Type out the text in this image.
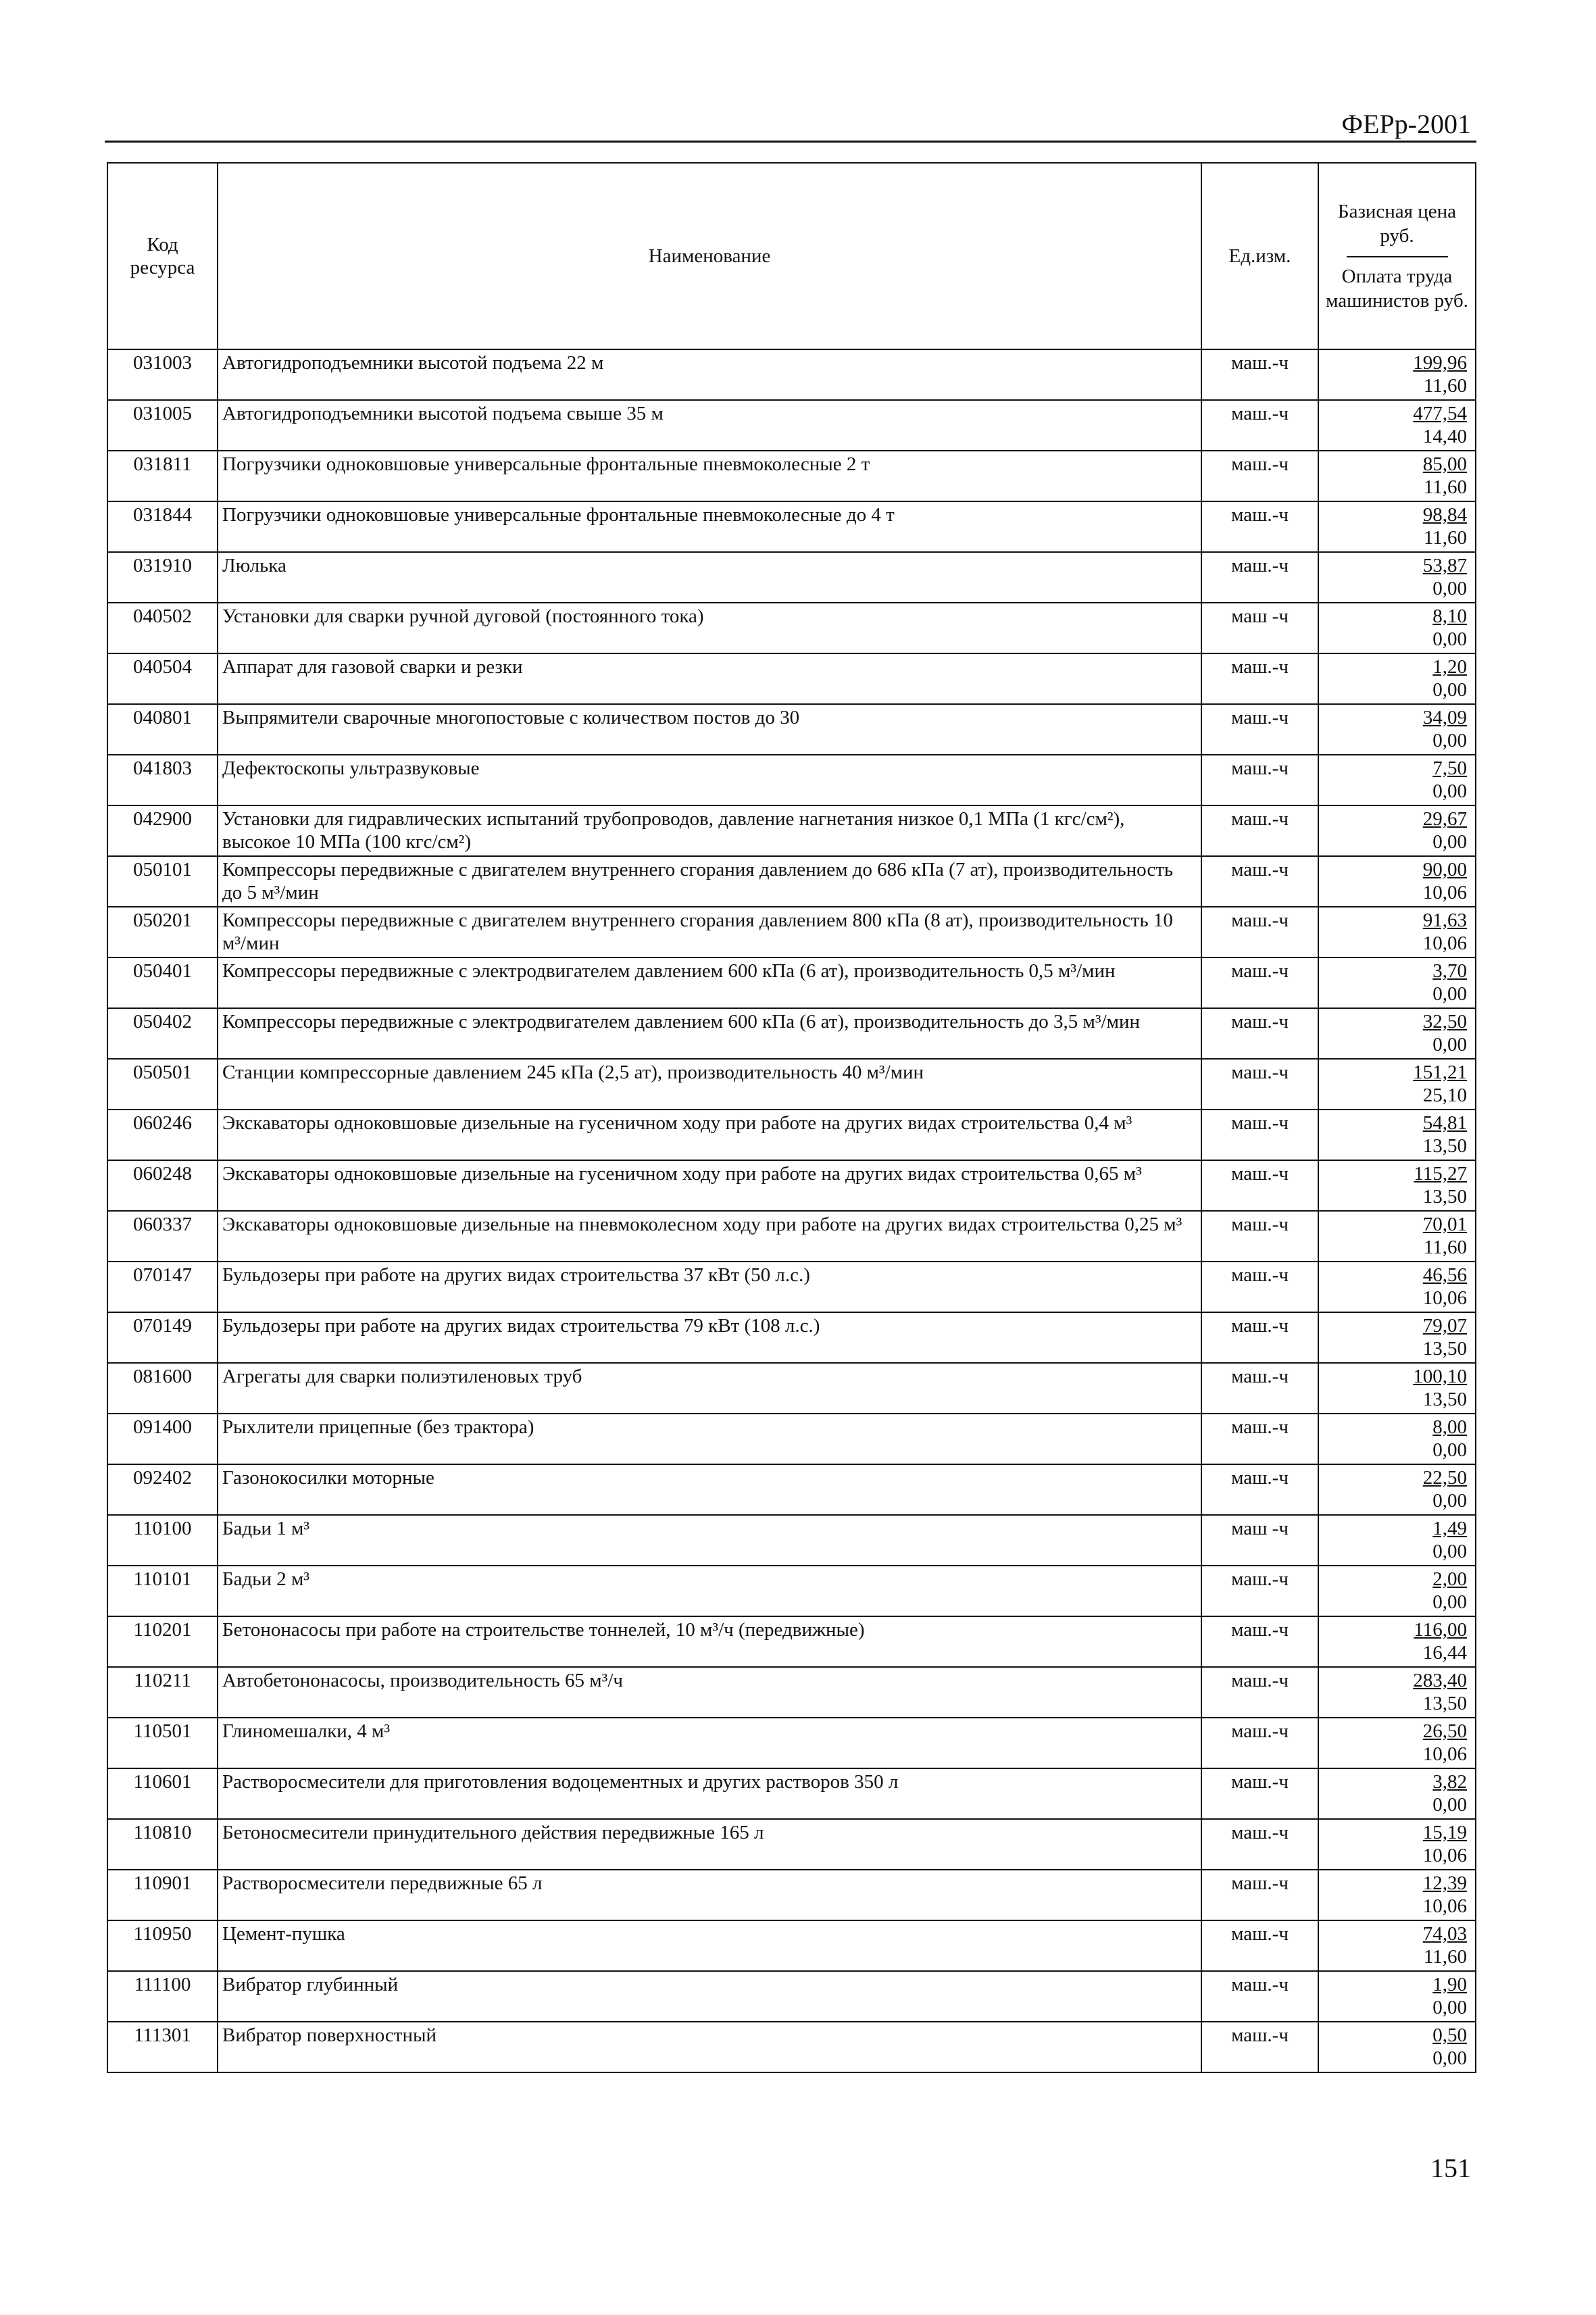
ФЕРр-2001
Код ресурса	Наименование	Ед.изм.	Базисная цена руб.
Оплата труда машинистов руб.

031003	Автогидроподъемники высотой подъема 22 м	маш.-ч	199,96
11,60

031005	Автогидроподъемники высотой подъема свыше 35 м	маш.-ч	477,54
14,40

031811	Погрузчики одноковшовые универсальные фронтальные пневмоколесные 2 т	маш.-ч	85,00
11,60

031844	Погрузчики одноковшовые универсальные фронтальные пневмоколесные до 4 т	маш.-ч	98,84
11,60

031910	Люлька	маш.-ч	53,87
0,00

040502	Установки для сварки ручной дуговой (постоянного тока)	маш -ч	8,10
0,00

040504	Аппарат для газовой сварки и резки	маш.-ч	1,20
0,00

040801	Выпрямители сварочные многопостовые с количеством постов до 30	маш.-ч	34,09
0,00

041803	Дефектоскопы ультразвуковые	маш.-ч	7,50
0,00

042900	Установки для гидравлических испытаний трубопроводов, давление нагнетания низкое 0,1 МПа (1 кгс/см²), высокое 10 МПа (100 кгс/см²)	маш.-ч	29,67
0,00

050101	Компрессоры передвижные с двигателем внутреннего сгорания давлением до 686 кПа (7 ат), производительность до 5 м³/мин	маш.-ч	90,00
10,06

050201	Компрессоры передвижные с двигателем внутреннего сгорания давлением 800 кПа (8 ат), производительность 10 м³/мин	маш.-ч	91,63
10,06

050401	Компрессоры передвижные с электродвигателем давлением 600 кПа (6 ат), производительность 0,5 м³/мин	маш.-ч	3,70
0,00

050402	Компрессоры передвижные с электродвигателем давлением 600 кПа (6 ат), производительность до 3,5 м³/мин	маш.-ч	32,50
0,00

050501	Станции компрессорные давлением 245 кПа (2,5 ат), производительность 40 м³/мин	маш.-ч	151,21
25,10

060246	Экскаваторы одноковшовые дизельные на гусеничном ходу при работе на других видах строительства 0,4 м³	маш.-ч	54,81
13,50

060248	Экскаваторы одноковшовые дизельные на гусеничном ходу при работе на других видах строительства 0,65 м³	маш.-ч	115,27
13,50

060337	Экскаваторы одноковшовые дизельные на пневмоколесном ходу при работе на других видах строительства 0,25 м³	маш.-ч	70,01
11,60

070147	Бульдозеры при работе на других видах строительства 37 кВт (50 л.с.)	маш.-ч	46,56
10,06

070149	Бульдозеры при работе на других видах строительства 79 кВт (108 л.с.)	маш.-ч	79,07
13,50

081600	Агрегаты для сварки полиэтиленовых труб	маш.-ч	100,10
13,50

091400	Рыхлители прицепные (без трактора)	маш.-ч	8,00
0,00

092402	Газонокосилки моторные	маш.-ч	22,50
0,00

110100	Бадьи 1 м³	маш -ч	1,49
0,00

110101	Бадьи 2 м³	маш.-ч	2,00
0,00

110201	Бетононасосы при работе на строительстве тоннелей, 10 м³/ч (передвижные)	маш.-ч	116,00
16,44

110211	Автобетононасосы, производительность 65 м³/ч	маш.-ч	283,40
13,50

110501	Глиномешалки, 4 м³	маш.-ч	26,50
10,06

110601	Растворосмесители для приготовления водоцементных и других растворов 350 л	маш.-ч	3,82
0,00

110810	Бетоносмесители принудительного действия передвижные 165 л	маш.-ч	15,19
10,06

110901	Растворосмесители передвижные 65 л	маш.-ч	12,39
10,06

110950	Цемент-пушка	маш.-ч	74,03
11,60

111100	Вибратор глубинный	маш.-ч	1,90
0,00

111301	Вибратор поверхностный	маш.-ч	0,50
0,00
151
